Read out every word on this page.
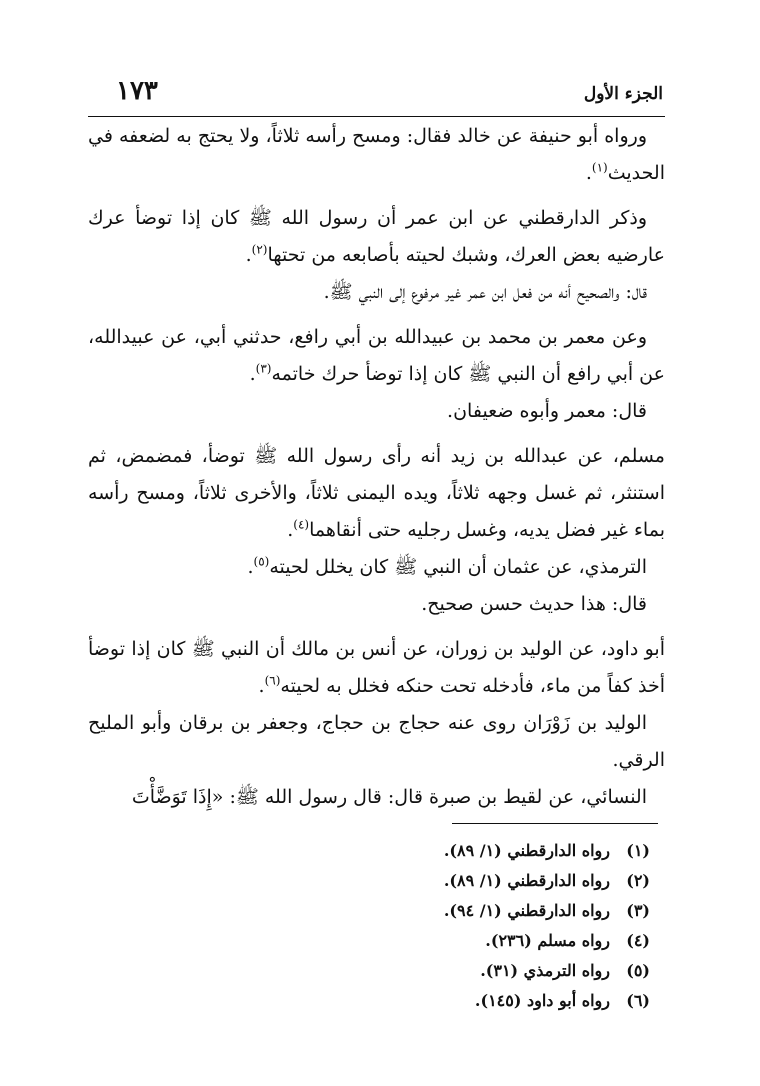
١٧٣	الجزء الأول

ورواه أبو حنيفة عن خالد فقال: ومسح رأسه ثلاثاً، ولا يحتج به لضعفه في الحديث$^{(١)}$.

وذكر الدارقطني عن ابن عمر أن رسول الله ﷺ كان إذا توضأ عرك عارضيه بعض العرك، وشبك لحيته بأصابعه من تحتها$^{(٢)}$.

قال: والصحيح أنه من فعل ابن عمر غير مرفوع إلى النبي ﷺ.

وعن معمر بن محمد بن عبيدالله بن أبي رافع، حدثني أبي، عن عبيدالله، عن أبي رافع أن النبي ﷺ كان إذا توضأ حرك خاتمه$^{(٣)}$.

قال: معمر وأبوه ضعيفان.

مسلم، عن عبدالله بن زيد أنه رأى رسول الله ﷺ توضأ، فمضمض، ثم استنثر، ثم غسل وجهه ثلاثاً، ويده اليمنى ثلاثاً، والأخرى ثلاثاً، ومسح رأسه بماء غير فضل يديه، وغسل رجليه حتى أنقاهما$^{(٤)}$.

الترمذي، عن عثمان أن النبي ﷺ كان يخلل لحيته$^{(٥)}$.

قال: هذا حديث حسن صحيح.

أبو داود، عن الوليد بن زوران، عن أنس بن مالك أن النبي ﷺ كان إذا توضأ أخذ كفاً من ماء، فأدخله تحت حنكه فخلل به لحيته$^{(٦)}$.

الوليد بن زَوْرَان روى عنه حجاج بن حجاج، وجعفر بن برقان وأبو المليح الرقي.

النسائي، عن لقيط بن صبرة قال: قال رسول الله ﷺ: «إِذَا تَوَضَّأْتَ

(١)رواه الدارقطني (١/ ٨٩).

(٢)رواه الدارقطني (١/ ٨٩).

(٣)رواه الدارقطني (١/ ٩٤).

(٤)رواه مسلم (٢٣٦).

(٥)رواه الترمذي (٣١).

(٦)رواه أبو داود (١٤٥).
